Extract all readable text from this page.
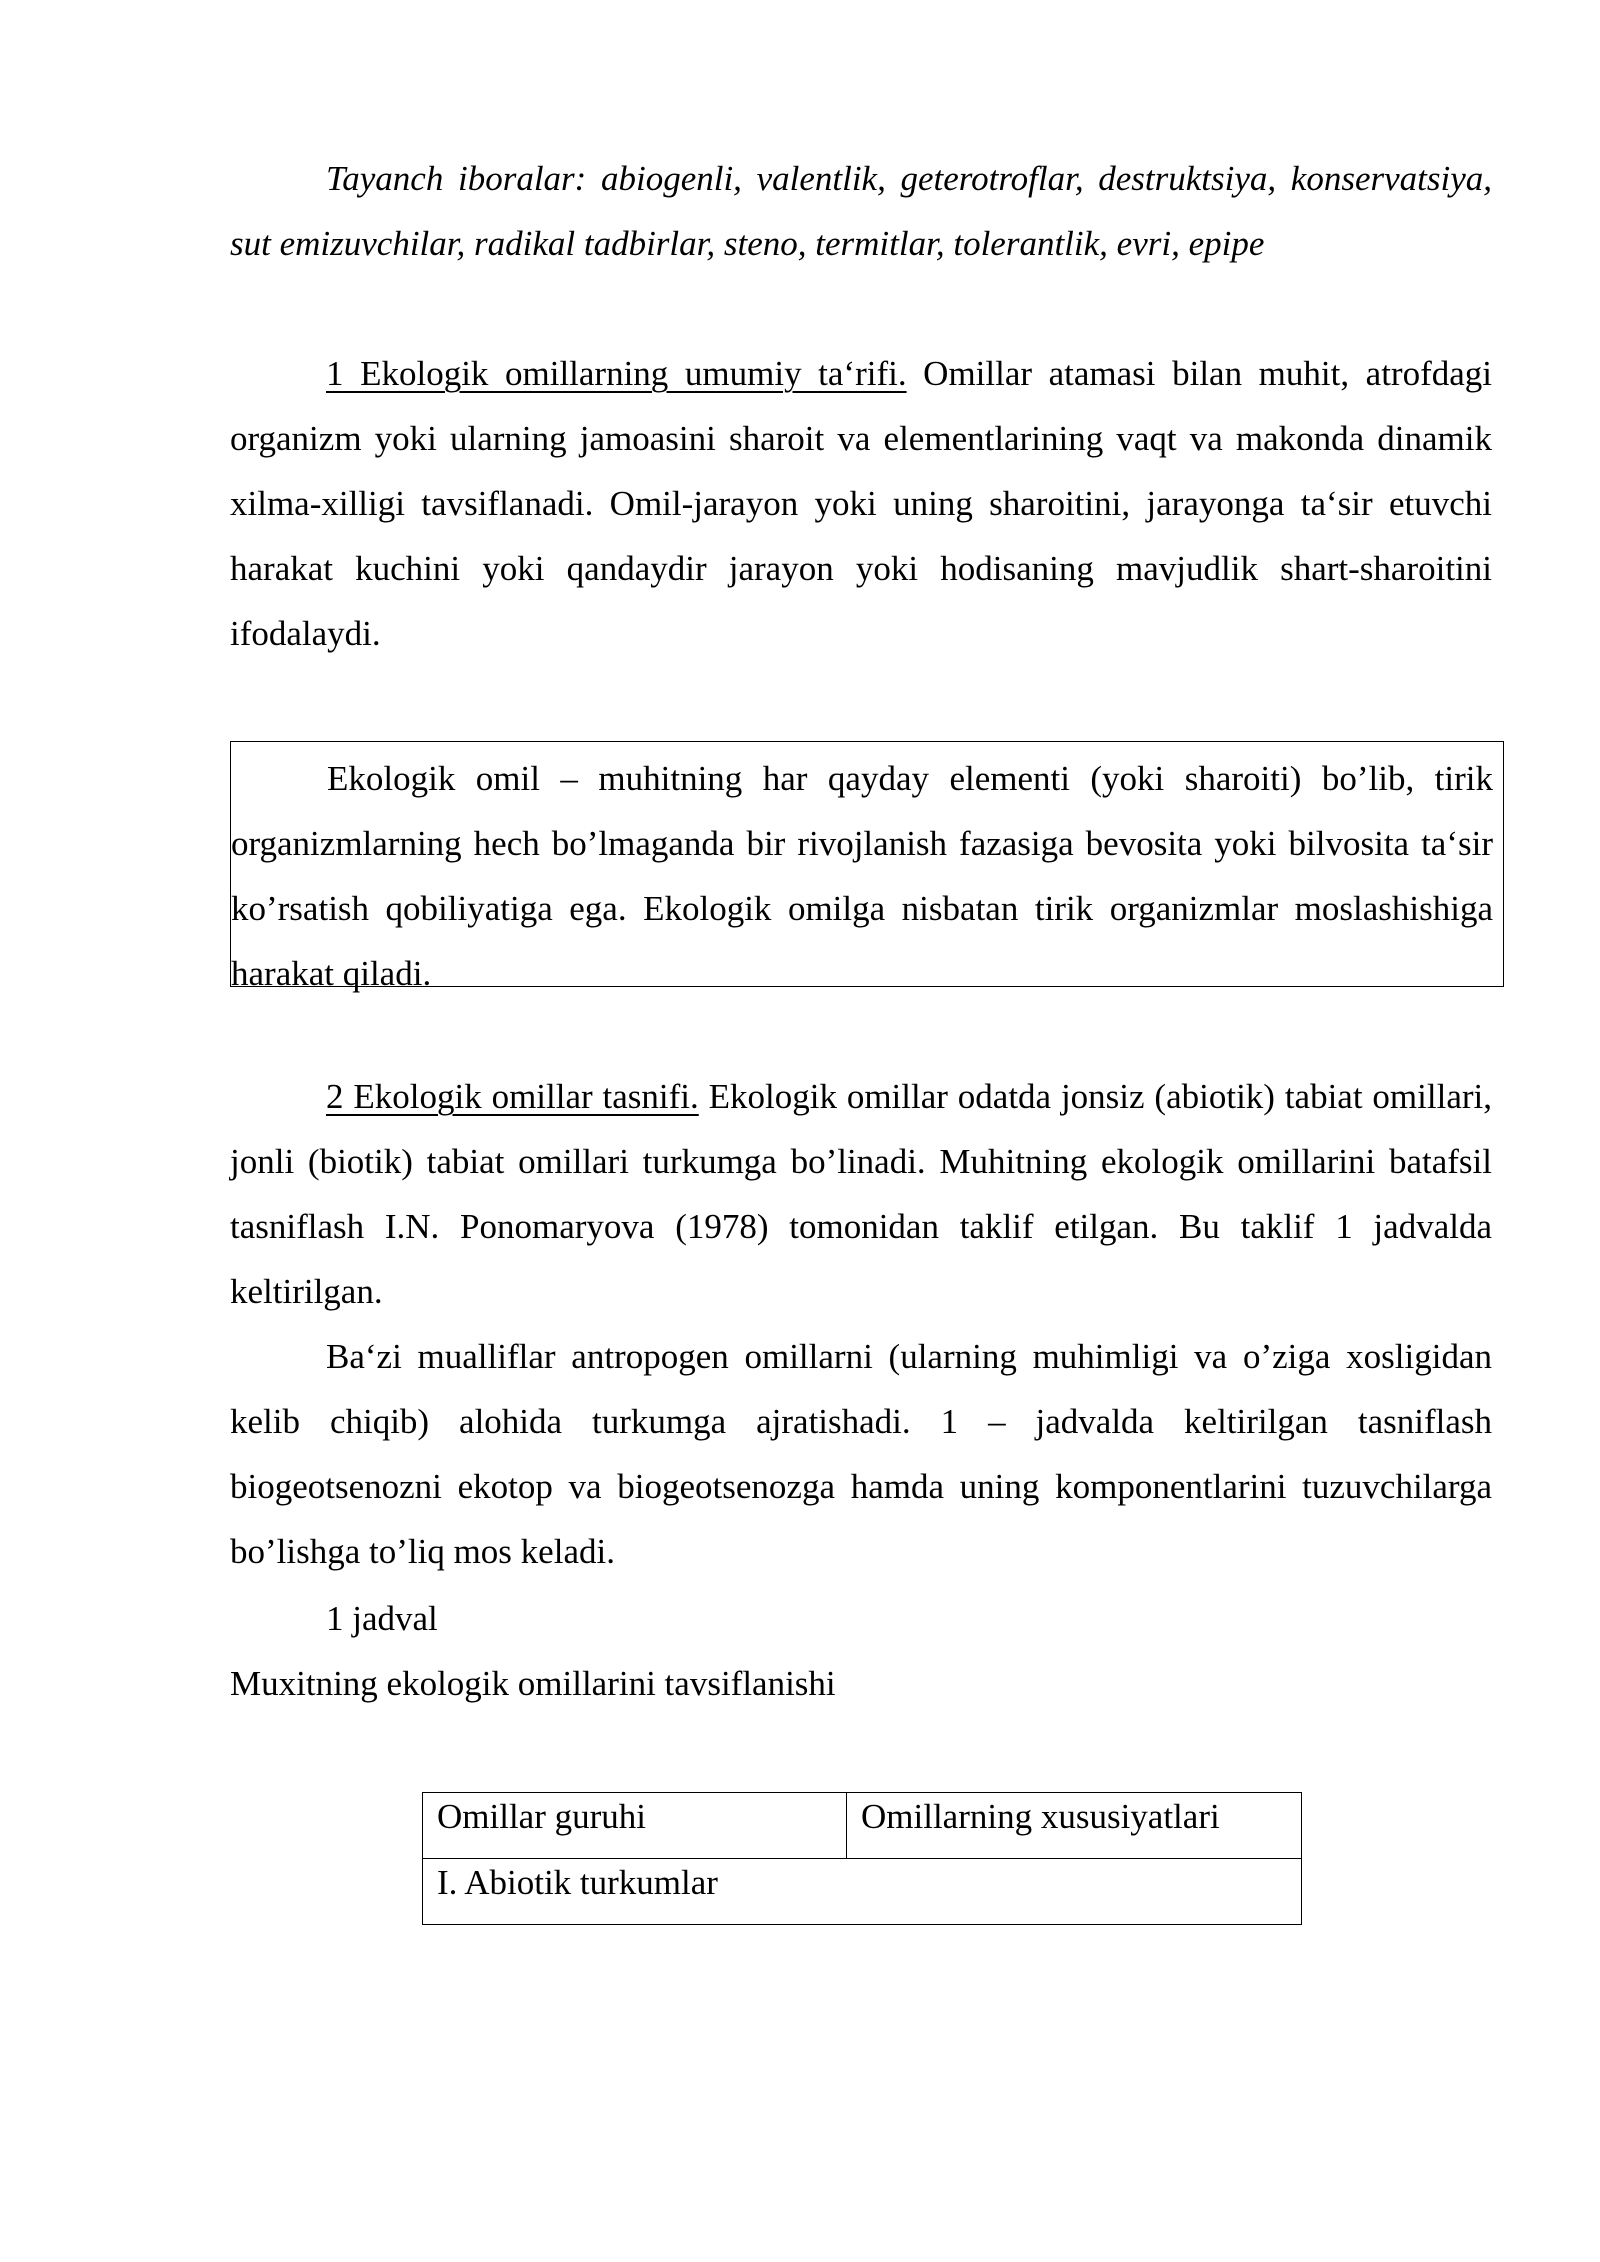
Tayanch iboralar: abiogenli, valentlik, geterotroflar, destruktsiya, konservatsiya, sut emizuvchilar, radikal tadbirlar, steno, termitlar, tolerantlik, evri, epipe

1 Ekologik omillarning umumiy ta‘rifi. Omillar atamasi bilan muhit, atrofdagi organizm yoki ularning jamoasini sharoit va elementlarining vaqt va makonda dinamik xilma-xilligi tavsiflanadi. Omil-jarayon yoki uning sharoitini, jarayonga ta‘sir etuvchi harakat kuchini yoki qandaydir jarayon yoki hodisaning mavjudlik shart-sharoitini ifodalaydi.

Ekologik omil – muhitning har qayday elementi (yoki sharoiti) bo’lib, tirik organizmlarning hech bo’lmaganda bir rivojlanish fazasiga bevosita yoki bilvosita ta‘sir ko’rsatish qobiliyatiga ega. Ekologik omilga nisbatan tirik organizmlar moslashishiga harakat qiladi.

2 Ekologik omillar tasnifi. Ekologik omillar odatda jonsiz (abiotik) tabiat omillari, jonli (biotik) tabiat omillari turkumga bo’linadi. Muhitning ekologik omillarini batafsil tasniflash I.N. Ponomaryova (1978) tomonidan taklif etilgan. Bu taklif 1 jadvalda keltirilgan.

Ba‘zi mualliflar antropogen omillarni (ularning muhimligi va o’ziga xosligidan kelib chiqib) alohida turkumga ajratishadi. 1 – jadvalda keltirilgan tasniflash biogeotsenozni ekotop va biogeotsenozga hamda uning komponentlarini tuzuvchilarga bo’lishga to’liq mos keladi.

1 jadval
Muxitning ekologik omillarini tavsiflanishi
Omillar guruhi	Omillarning xususiyatlari
I. Abiotik turkumlar
